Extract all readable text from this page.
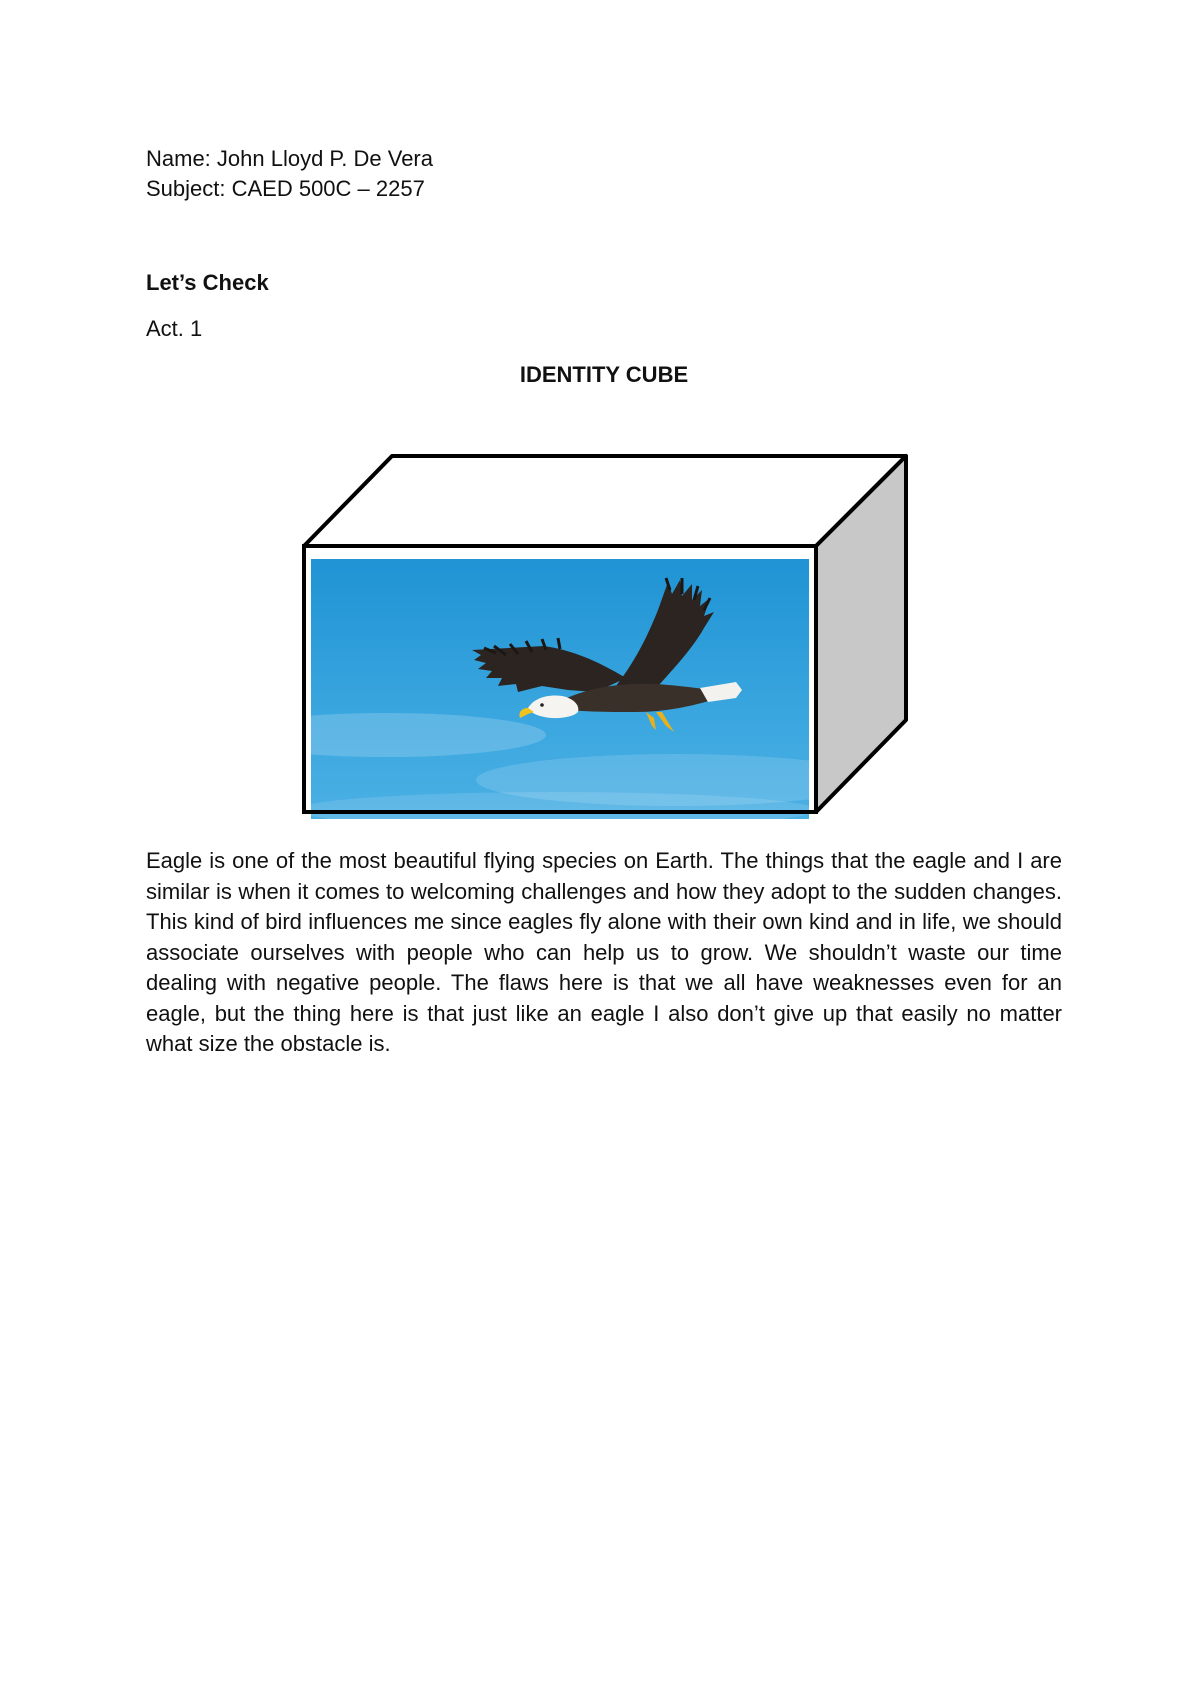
Name: John Lloyd P. De Vera
Subject: CAED 500C – 2257
Let’s Check
Act. 1
IDENTITY CUBE
Eagle is one of the most beautiful flying species on Earth. The things that the eagle and I are similar is when it comes to welcoming challenges and how they adopt to the sudden changes. This kind of bird influences me since eagles fly alone with their own kind and in life, we should associate ourselves with people who can help us to grow. We shouldn’t waste our time dealing with negative people. The flaws here is that we all have weaknesses even for an eagle, but the thing here is that just like an eagle I also don’t give up that easily no matter what size the obstacle is.
